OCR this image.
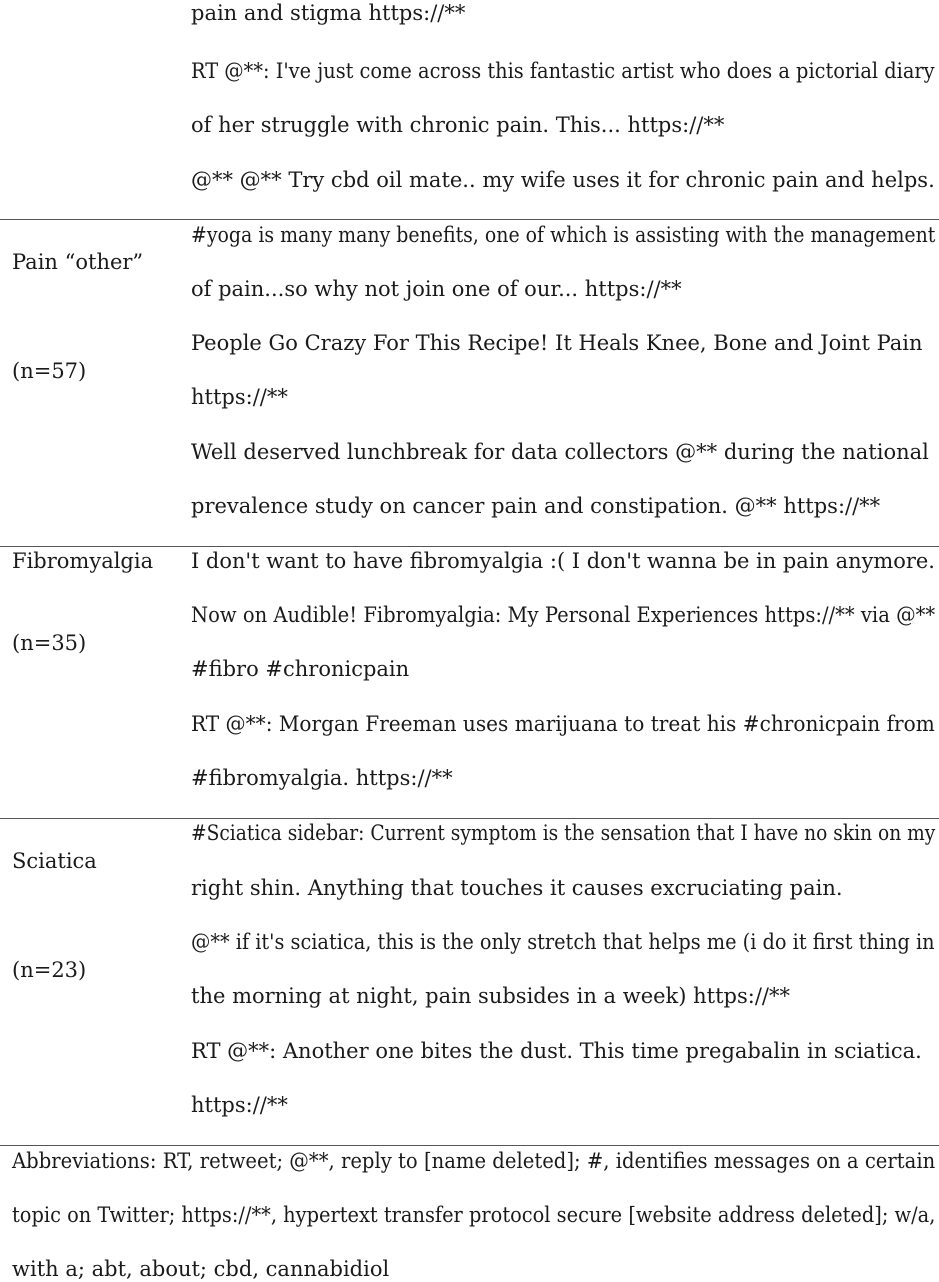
pain and stigma https://**
RT @**: I've just come across this fantastic artist who does a pictorial diary
of her struggle with chronic pain. This... https://**
@** @** Try cbd oil mate.. my wife uses it for chronic pain and helps.
Pain “other”
(n=57)
#yoga is many many benefits, one of which is assisting with the management
of pain...so why not join one of our... https://**
People Go Crazy For This Recipe! It Heals Knee, Bone and Joint Pain
https://**
Well deserved lunchbreak for data collectors @** during the national
prevalence study on cancer pain and constipation. @** https://**
Fibromyalgia
(n=35)
I don't want to have fibromyalgia :( I don't wanna be in pain anymore.
Now on Audible! Fibromyalgia: My Personal Experiences https://** via @**
#fibro #chronicpain
RT @**: Morgan Freeman uses marijuana to treat his #chronicpain from
#fibromyalgia. https://**
Sciatica
(n=23)
#Sciatica sidebar: Current symptom is the sensation that I have no skin on my
right shin. Anything that touches it causes excruciating pain.
@** if it's sciatica, this is the only stretch that helps me (i do it first thing in
the morning at night, pain subsides in a week) https://**
RT @**: Another one bites the dust. This time pregabalin in sciatica.
https://**
Abbreviations: RT, retweet; @**, reply to [name deleted]; #, identifies messages on a certain
topic on Twitter; https://**, hypertext transfer protocol secure [website address deleted]; w/a,
with a; abt, about; cbd, cannabidiol
